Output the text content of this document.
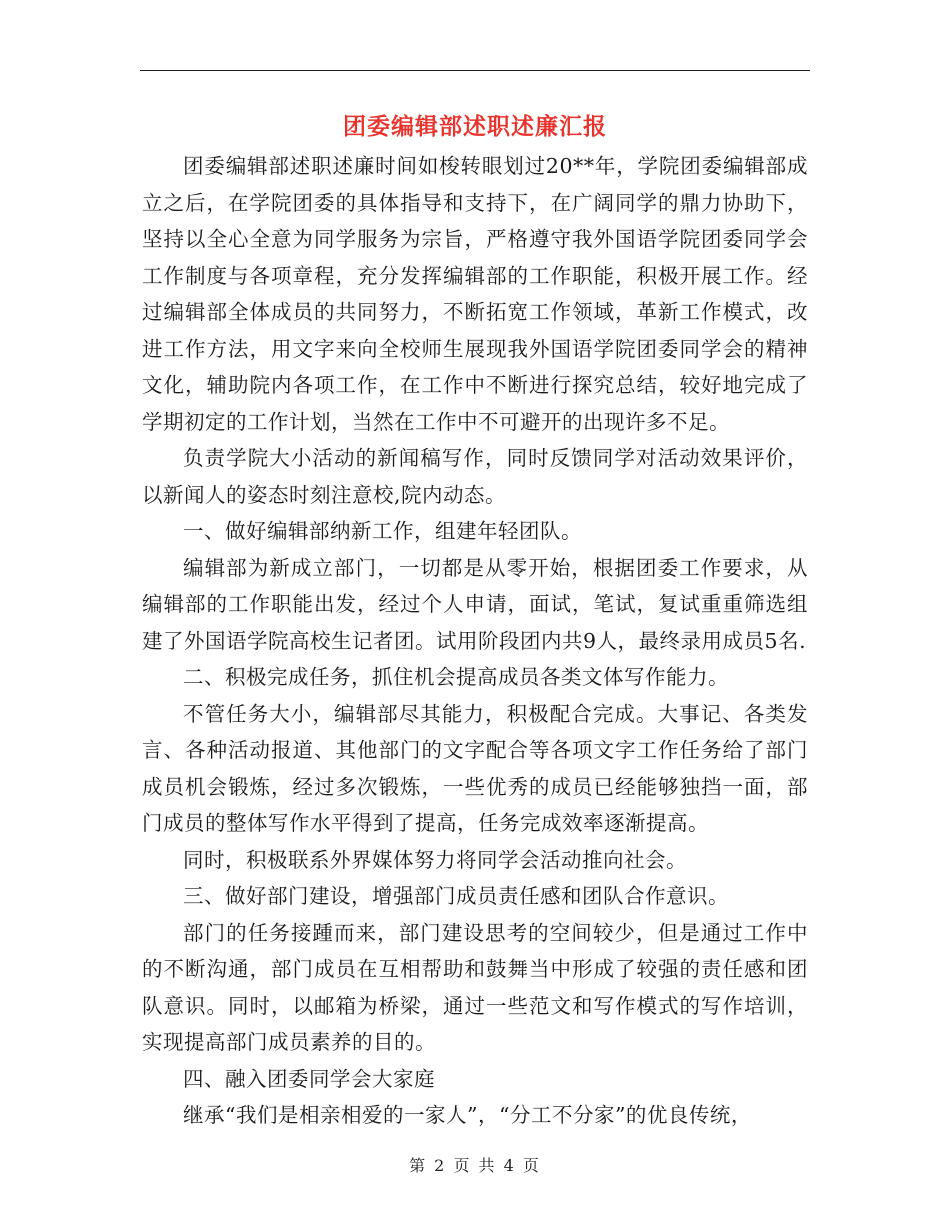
团委编辑部述职述廉汇报

团委编辑部述职述廉时间如梭转眼划过20**年，学院团委编辑部成立之后，在学院团委的具体指导和支持下，在广阔同学的鼎力协助下，坚持以全心全意为同学服务为宗旨，严格遵守我外国语学院团委同学会工作制度与各项章程，充分发挥编辑部的工作职能，积极开展工作。经过编辑部全体成员的共同努力，不断拓宽工作领域，革新工作模式，改进工作方法，用文字来向全校师生展现我外国语学院团委同学会的精神文化，辅助院内各项工作，在工作中不断进行探究总结，较好地完成了学期初定的工作计划，当然在工作中不可避开的出现许多不足。

负责学院大小活动的新闻稿写作，同时反馈同学对活动效果评价，以新闻人的姿态时刻注意校,院内动态。

一、做好编辑部纳新工作，组建年轻团队。

编辑部为新成立部门，一切都是从零开始，根据团委工作要求，从编辑部的工作职能出发，经过个人申请，面试，笔试，复试重重筛选组建了外国语学院高校生记者团。试用阶段团内共9人，最终录用成员5名.

二、积极完成任务，抓住机会提高成员各类文体写作能力。

不管任务大小，编辑部尽其能力，积极配合完成。大事记、各类发言、各种活动报道、其他部门的文字配合等各项文字工作任务给了部门成员机会锻炼，经过多次锻炼，一些优秀的成员已经能够独挡一面，部门成员的整体写作水平得到了提高，任务完成效率逐渐提高。

同时，积极联系外界媒体努力将同学会活动推向社会。

三、做好部门建设，增强部门成员责任感和团队合作意识。

部门的任务接踵而来，部门建设思考的空间较少，但是通过工作中的不断沟通，部门成员在互相帮助和鼓舞当中形成了较强的责任感和团队意识。同时，以邮箱为桥梁，通过一些范文和写作模式的写作培训，实现提高部门成员素养的目的。

四、融入团委同学会大家庭

继承“我们是相亲相爱的一家人”，“分工不分家”的优良传统，

第 2 页 共 4 页
